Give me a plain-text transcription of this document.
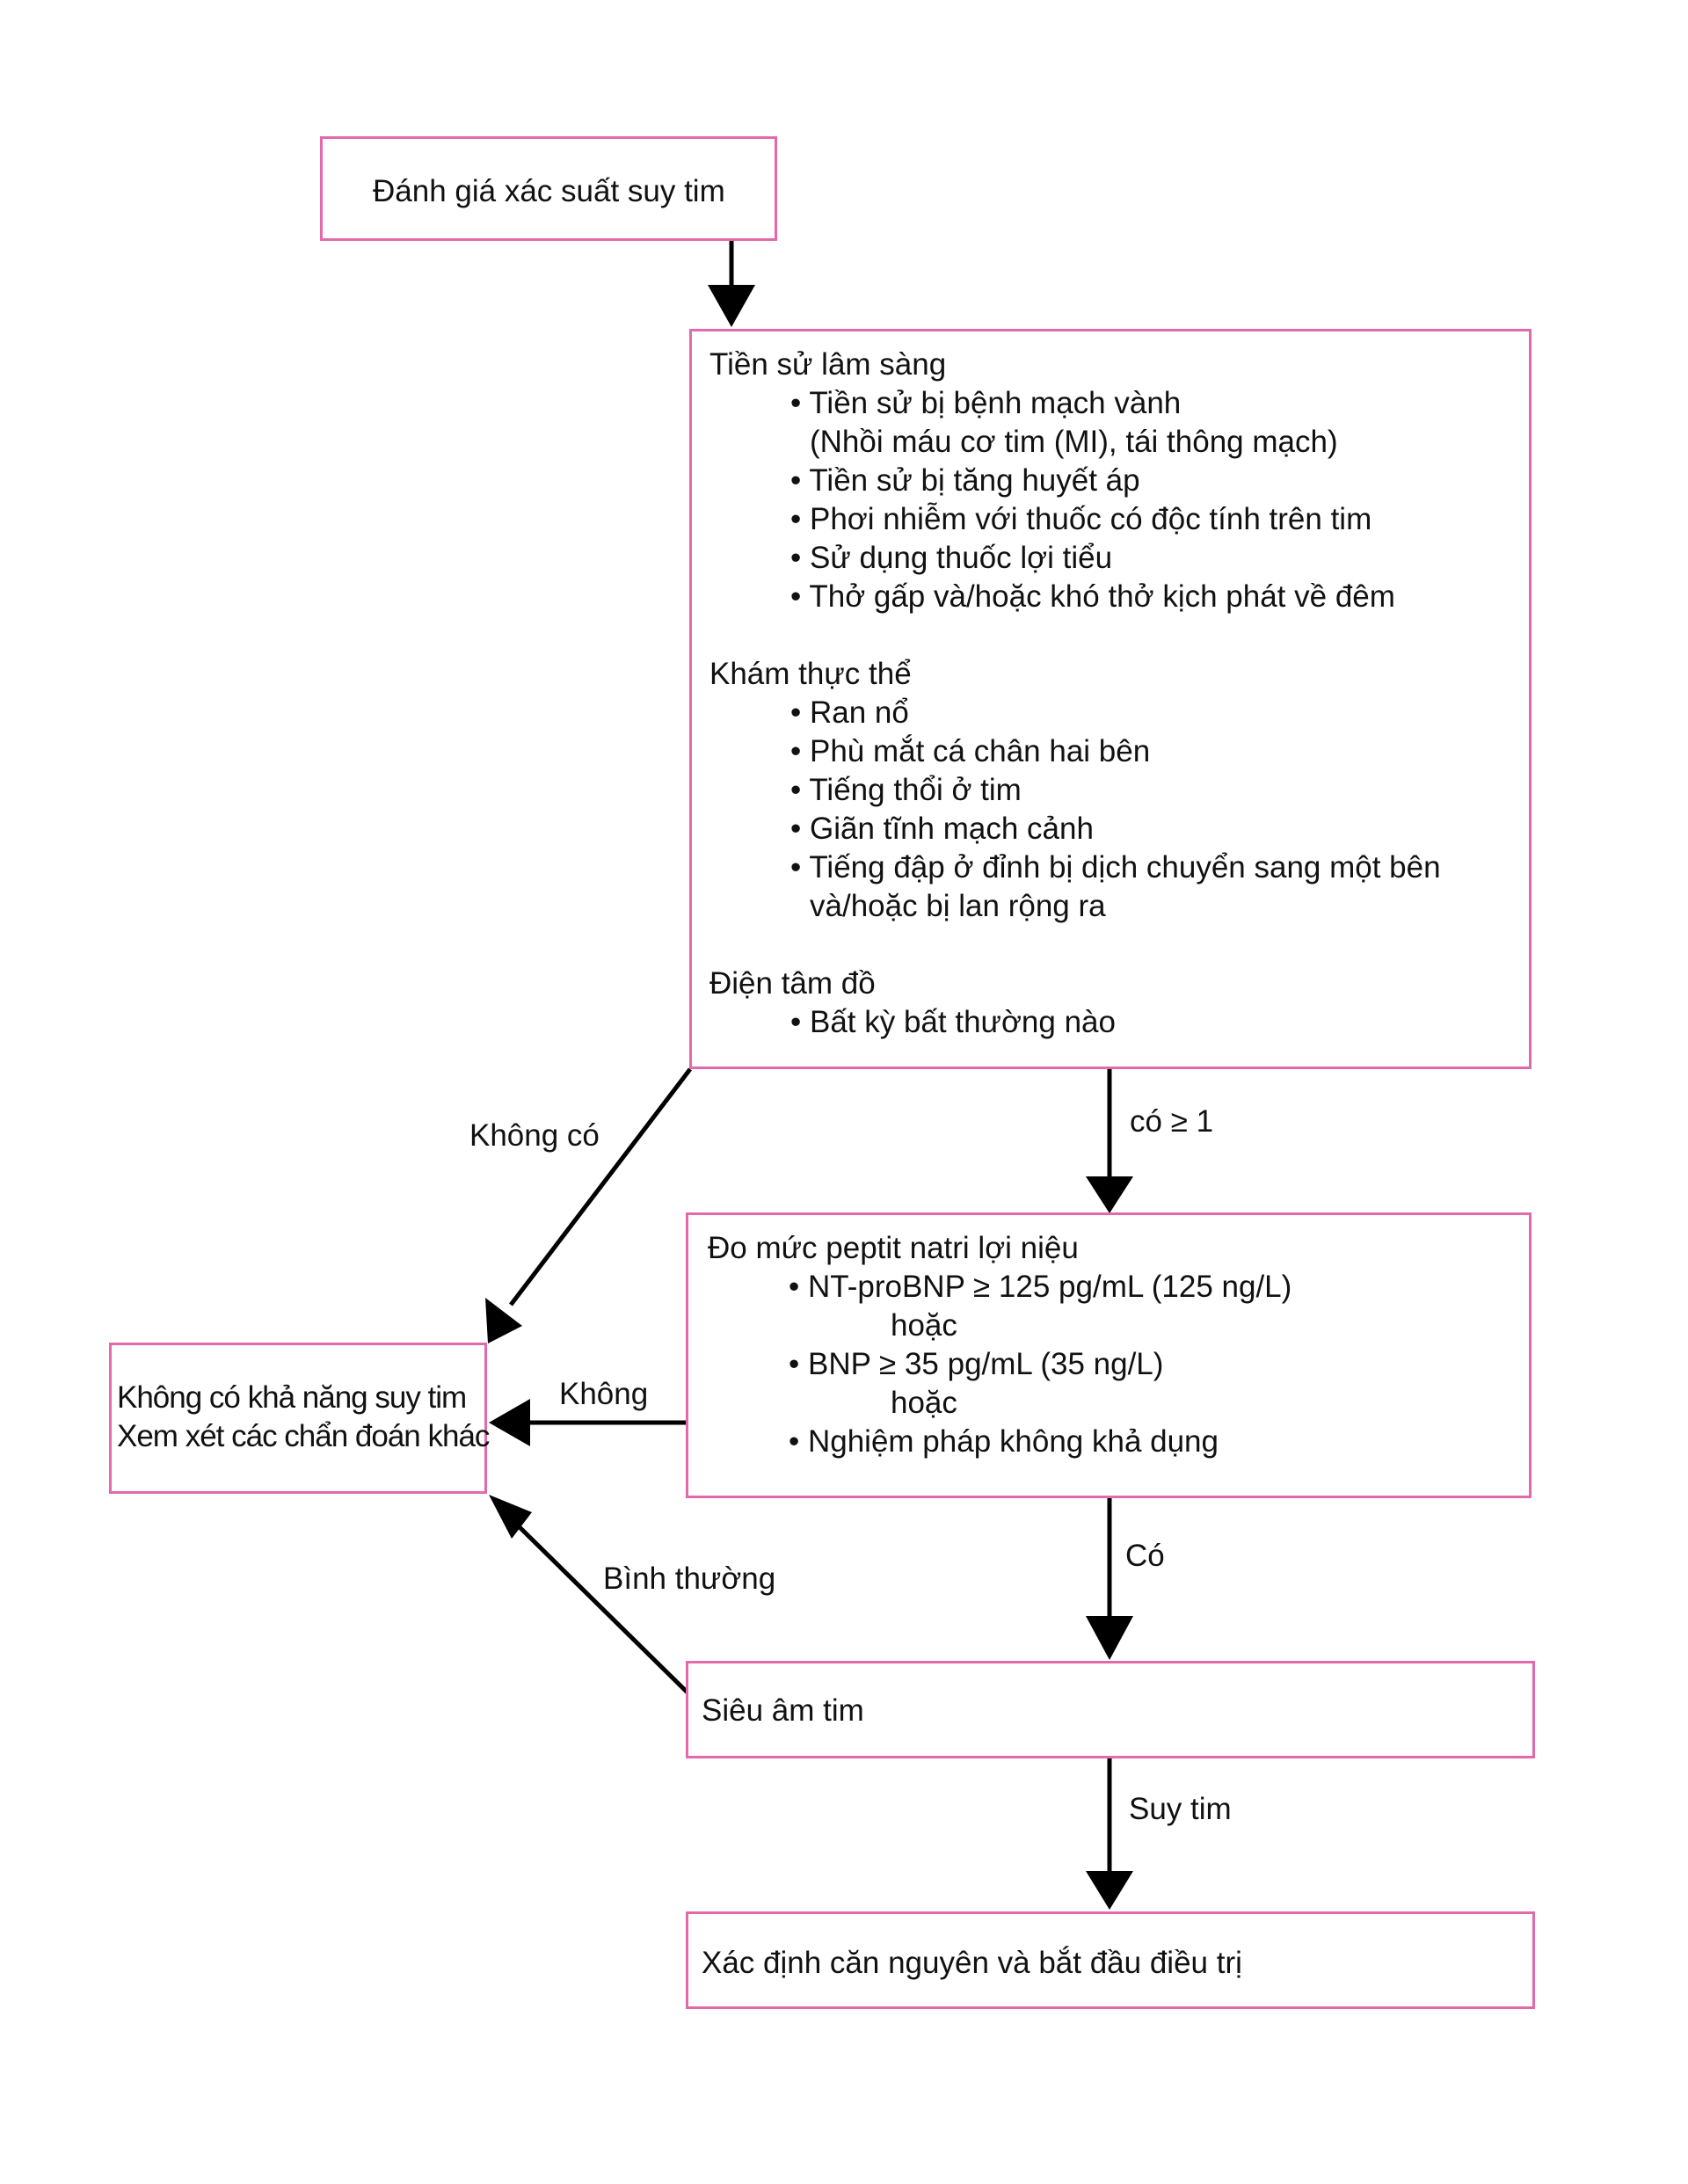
Đánh giá xác suất suy tim
Tiền sử lâm sàng
• Tiền sử bị bệnh mạch vành
(Nhồi máu cơ tim (MI), tái thông mạch)
• Tiền sử bị tăng huyết áp
• Phơi nhiễm với thuốc có độc tính trên tim
• Sử dụng thuốc lợi tiểu
• Thở gấp và/hoặc khó thở kịch phát về đêm
Khám thực thể
• Ran nổ
• Phù mắt cá chân hai bên
• Tiếng thổi ở tim
• Giãn tĩnh mạch cảnh
• Tiếng đập ở đỉnh bị dịch chuyển sang một bên
và/hoặc bị lan rộng ra
Điện tâm đồ
• Bất kỳ bất thường nào
Đo mức peptit natri lợi niệu
• NT-proBNP ≥ 125 pg/mL (125 ng/L)
hoặc
• BNP ≥ 35 pg/mL (35 ng/L)
hoặc
• Nghiệm pháp không khả dụng
Không có khả năng suy tim
Xem xét các chẩn đoán khác
Siêu âm tim
Xác định căn nguyên và bắt đầu điều trị
Không có	có ≥ 1
Không
Có
Bình thường
Suy tim
